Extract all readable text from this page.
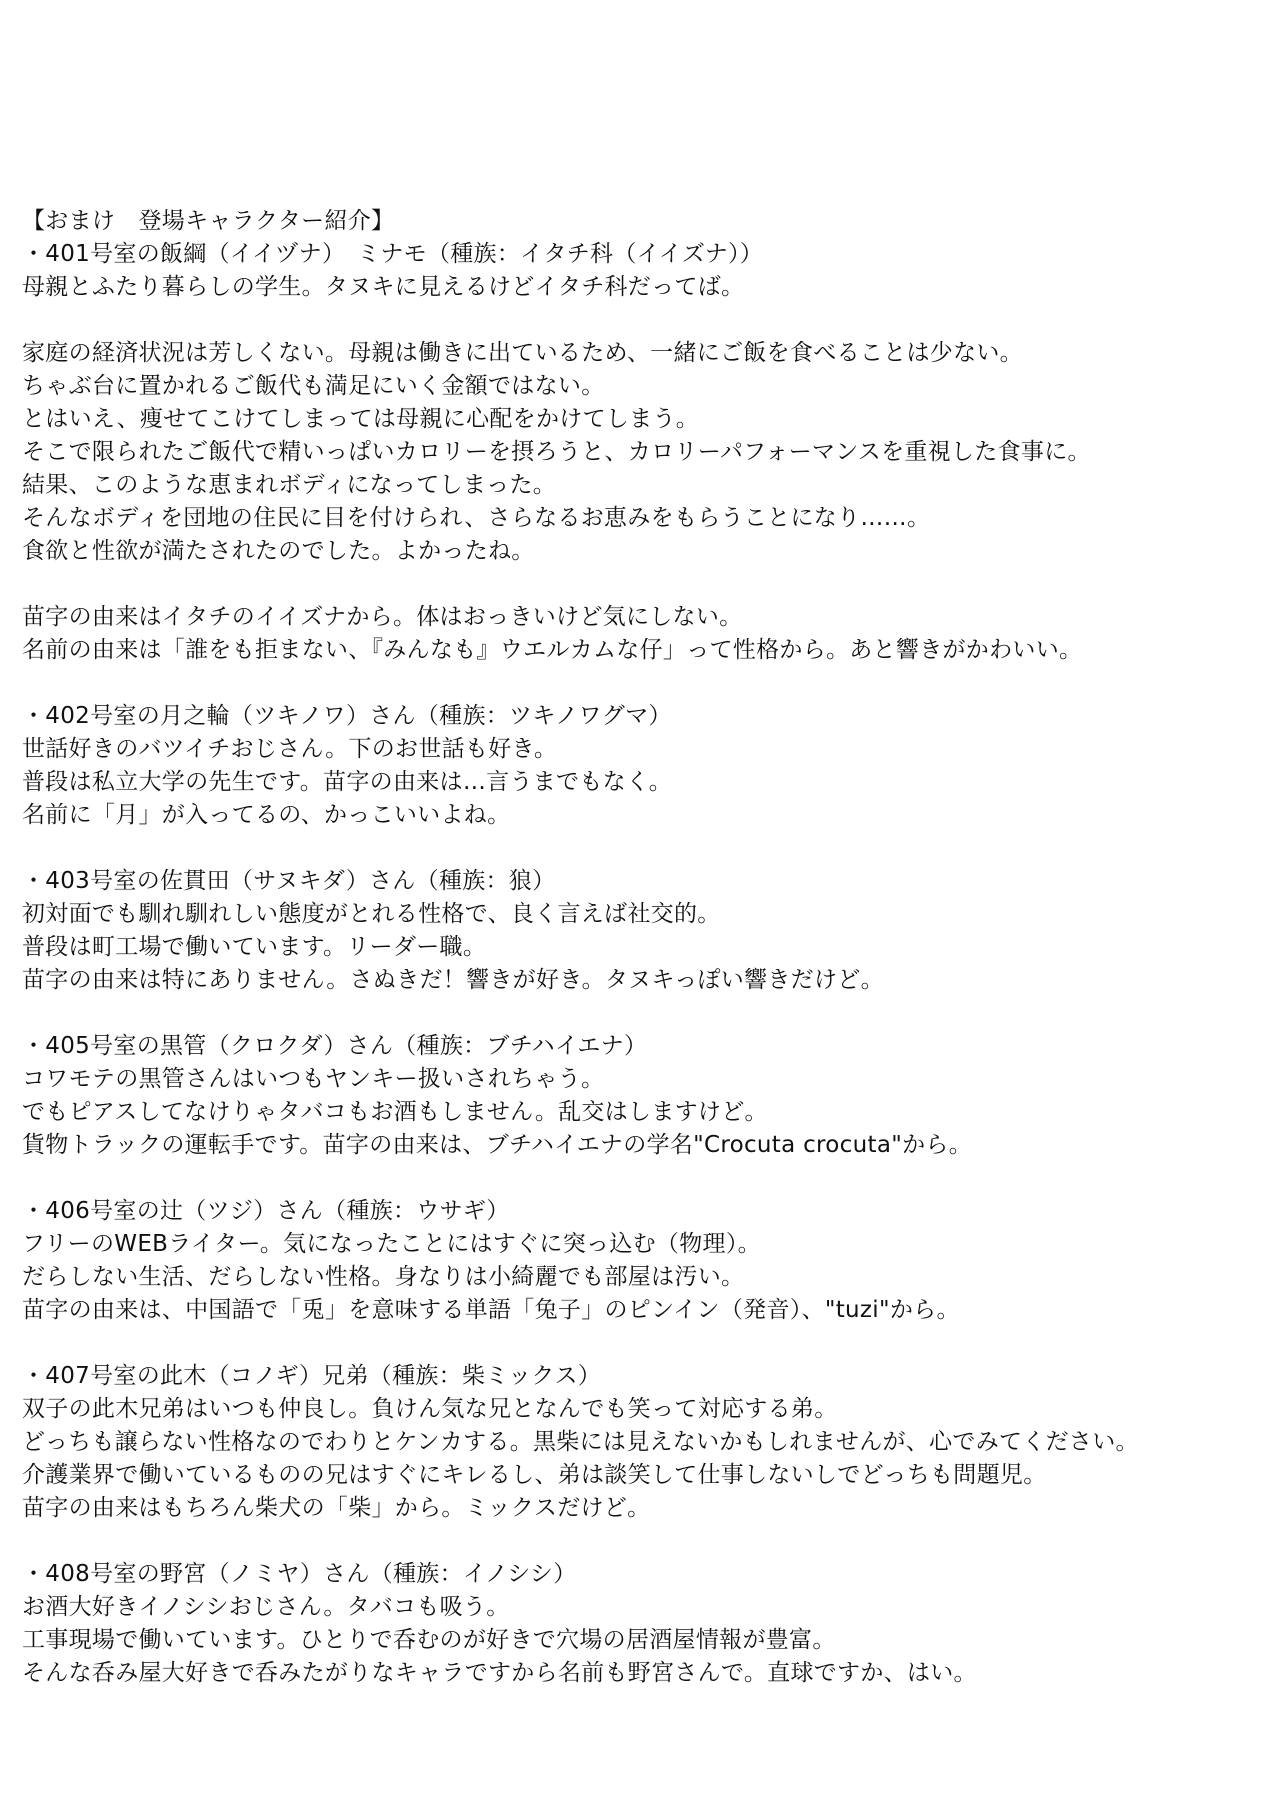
【おまけ　登場キャラクター紹介】
・401号室の飯綱（イイヅナ）　ミナモ（種族：イタチ科（イイズナ））
母親とふたり暮らしの学生。タヌキに見えるけどイタチ科だってば。
家庭の経済状況は芳しくない。母親は働きに出ているため、一緒にご飯を食べることは少ない。
ちゃぶ台に置かれるご飯代も満足にいく金額ではない。
とはいえ、痩せてこけてしまっては母親に心配をかけてしまう。
そこで限られたご飯代で精いっぱいカロリーを摂ろうと、カロリーパフォーマンスを重視した食事に。
結果、このような恵まれボディになってしまった。
そんなボディを団地の住民に目を付けられ、さらなるお恵みをもらうことになり……。
食欲と性欲が満たされたのでした。よかったね。
苗字の由来はイタチのイイズナから。体はおっきいけど気にしない。
名前の由来は「誰をも拒まない、『みんなも』ウエルカムな仔」って性格から。あと響きがかわいい。
・402号室の月之輪（ツキノワ）さん（種族：ツキノワグマ）
世話好きのバツイチおじさん。下のお世話も好き。
普段は私立大学の先生です。苗字の由来は…言うまでもなく。
名前に「月」が入ってるの、かっこいいよね。
・403号室の佐貫田（サヌキダ）さん（種族：狼）
初対面でも馴れ馴れしい態度がとれる性格で、良く言えば社交的。
普段は町工場で働いています。リーダー職。
苗字の由来は特にありません。さぬきだ！響きが好き。タヌキっぽい響きだけど。
・405号室の黒管（クロクダ）さん（種族：ブチハイエナ）
コワモテの黒管さんはいつもヤンキー扱いされちゃう。
でもピアスしてなけりゃタバコもお酒もしません。乱交はしますけど。
貨物トラックの運転手です。苗字の由来は、ブチハイエナの学名"Crocuta crocuta"から。
・406号室の辻（ツジ）さん（種族：ウサギ）
フリーのWEBライター。気になったことにはすぐに突っ込む（物理）。
だらしない生活、だらしない性格。身なりは小綺麗でも部屋は汚い。
苗字の由来は、中国語で「兎」を意味する単語「兔子」のピンイン（発音）、"tuzi"から。
・407号室の此木（コノギ）兄弟（種族：柴ミックス）
双子の此木兄弟はいつも仲良し。負けん気な兄となんでも笑って対応する弟。
どっちも譲らない性格なのでわりとケンカする。黒柴には見えないかもしれませんが、心でみてください。
介護業界で働いているものの兄はすぐにキレるし、弟は談笑して仕事しないしでどっちも問題児。
苗字の由来はもちろん柴犬の「柴」から。ミックスだけど。
・408号室の野宮（ノミヤ）さん（種族：イノシシ）
お酒大好きイノシシおじさん。タバコも吸う。
工事現場で働いています。ひとりで呑むのが好きで穴場の居酒屋情報が豊富。
そんな呑み屋大好きで呑みたがりなキャラですから名前も野宮さんで。直球ですか、はい。
